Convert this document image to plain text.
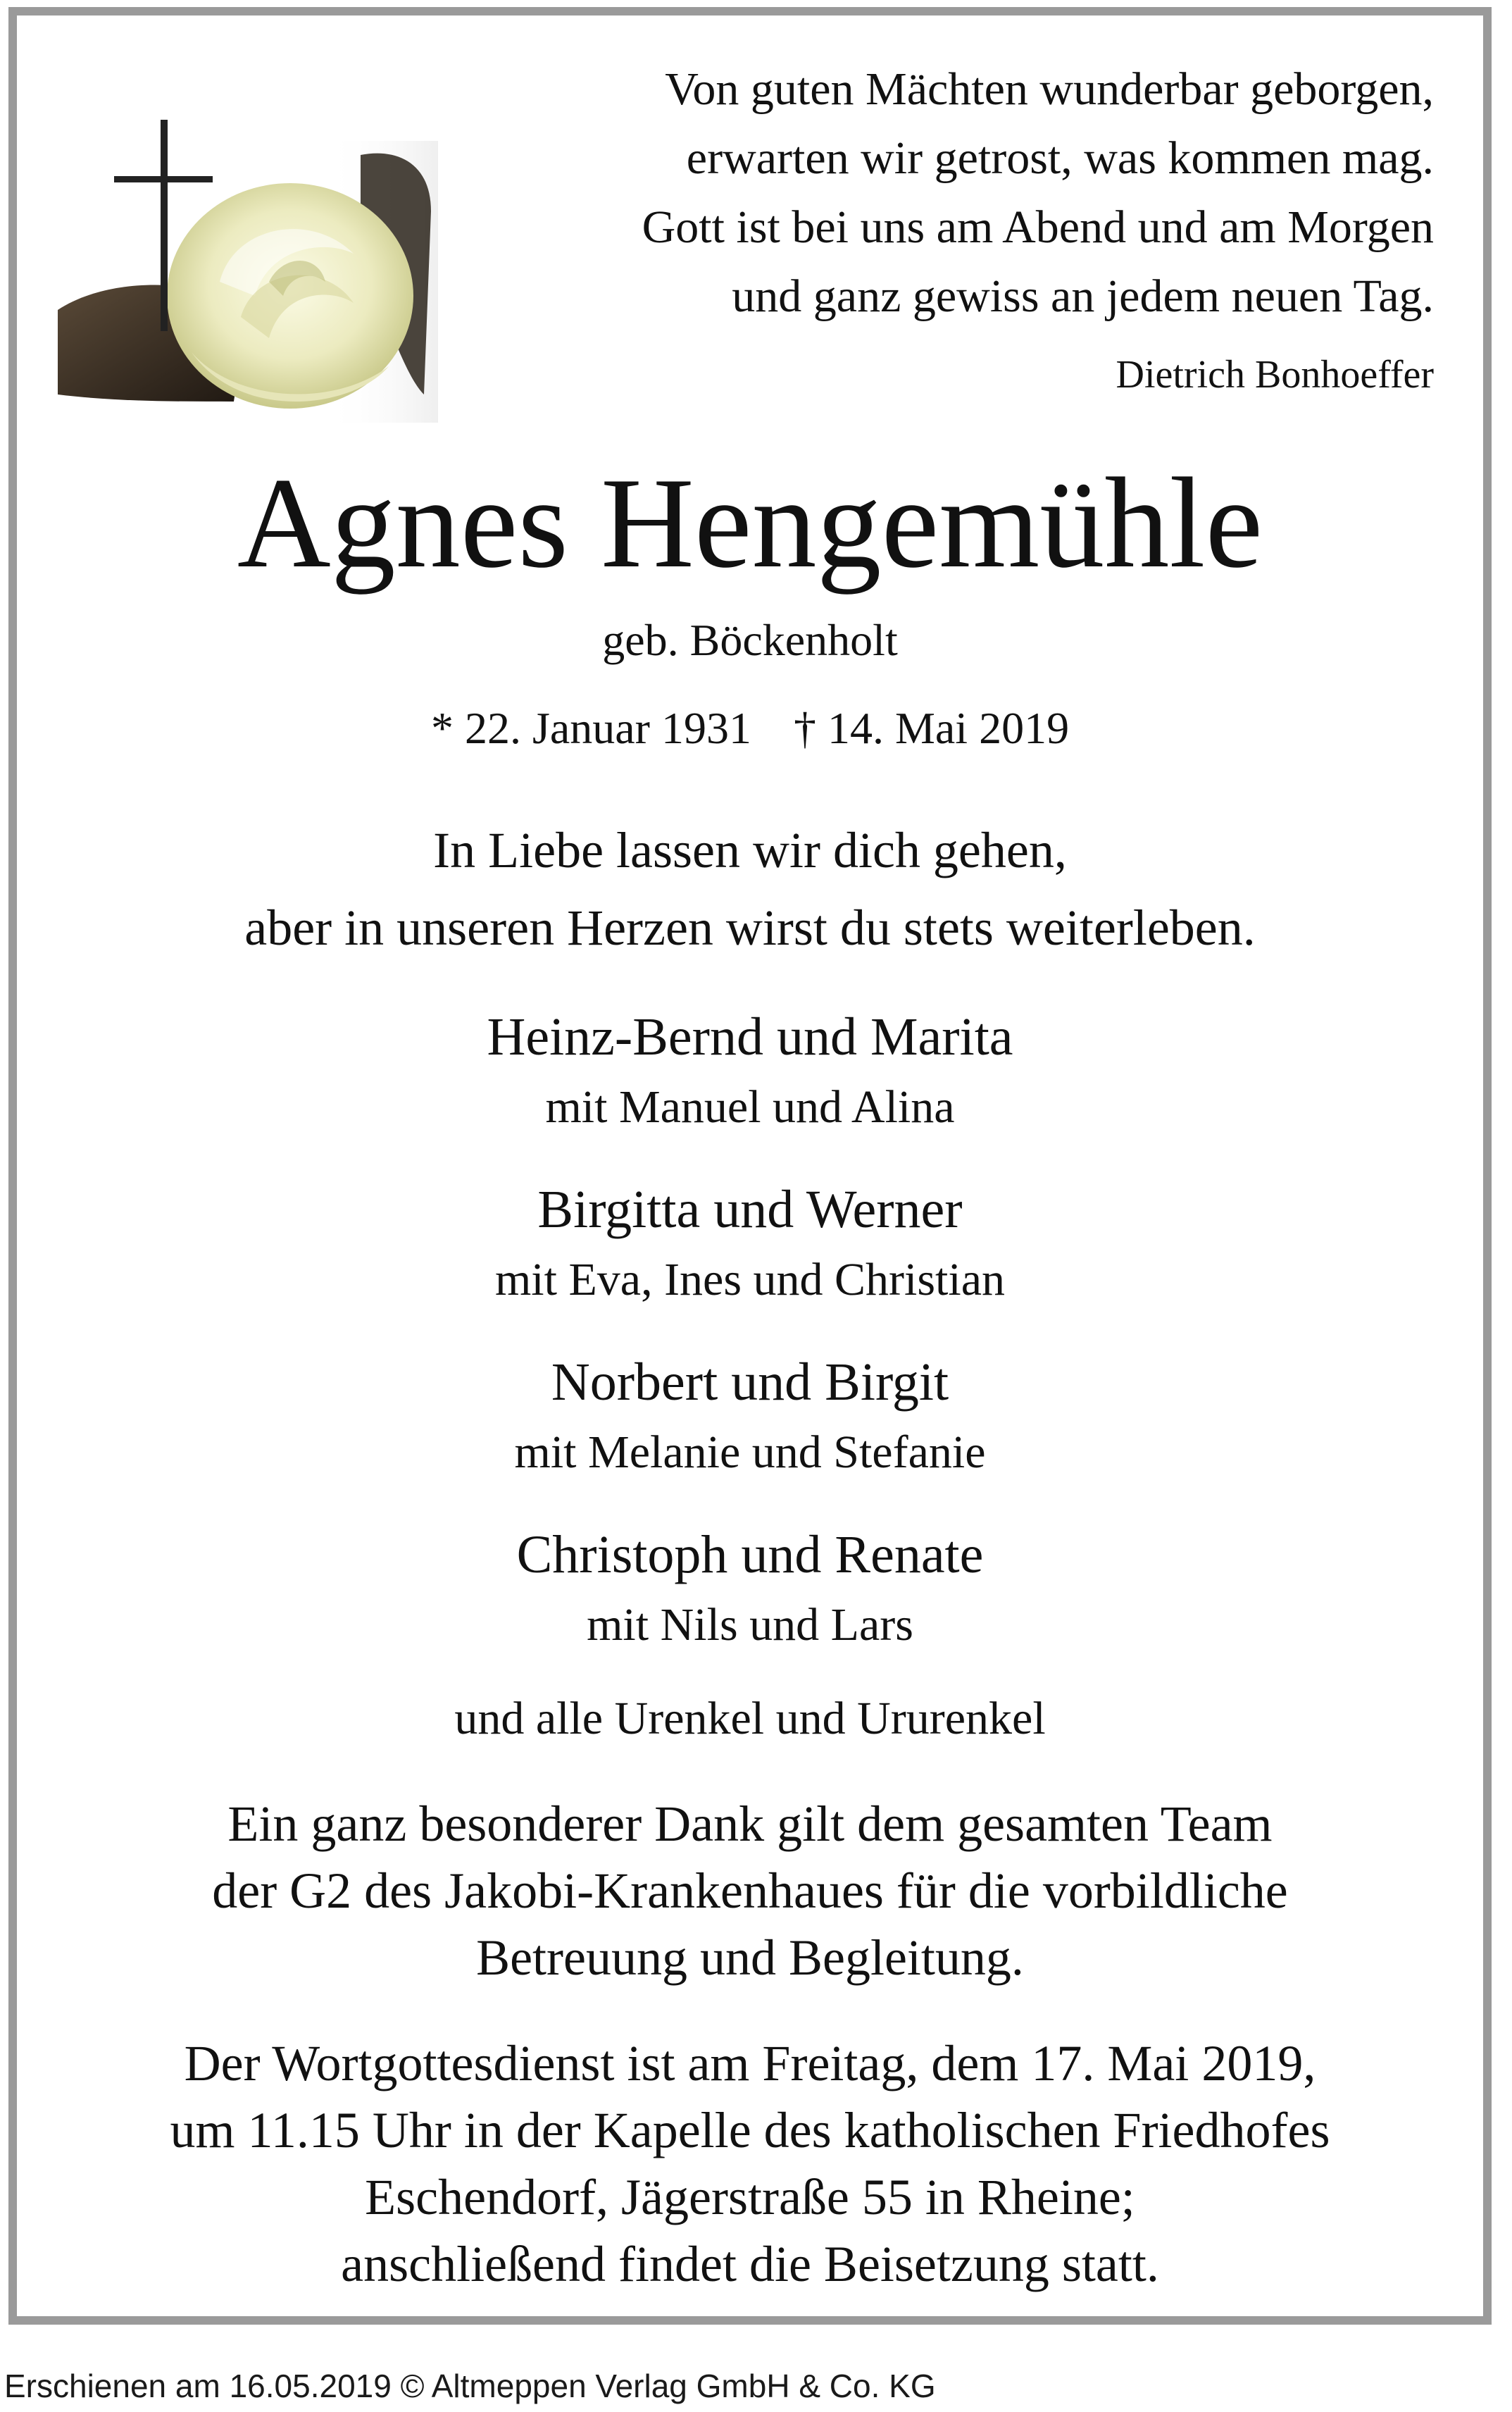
Von guten Mächten wunderbar geborgen,
erwarten wir getrost, was kommen mag.
Gott ist bei uns am Abend und am Morgen
und ganz gewiss an jedem neuen Tag.
Dietrich Bonhoeffer
Agnes Hengemühle
geb. Böckenholt
* 22. Januar 1931 † 14. Mai 2019
In Liebe lassen wir dich gehen,
aber in unseren Herzen wirst du stets weiterleben.
Heinz-Bernd und Marita
mit Manuel und Alina
Birgitta und Werner
mit Eva, Ines und Christian
Norbert und Birgit
mit Melanie und Stefanie
Christoph und Renate
mit Nils und Lars
und alle Urenkel und Ururenkel
Ein ganz besonderer Dank gilt dem gesamten Team
der G2 des Jakobi-Krankenhaues für die vorbildliche
Betreuung und Begleitung.
Der Wortgottesdienst ist am Freitag, dem 17. Mai 2019,
um 11.15 Uhr in der Kapelle des katholischen Friedhofes
Eschendorf, Jägerstraße 55 in Rheine;
anschließend findet die Beisetzung statt.
Erschienen am 16.05.2019 © Altmeppen Verlag GmbH & Co. KG
